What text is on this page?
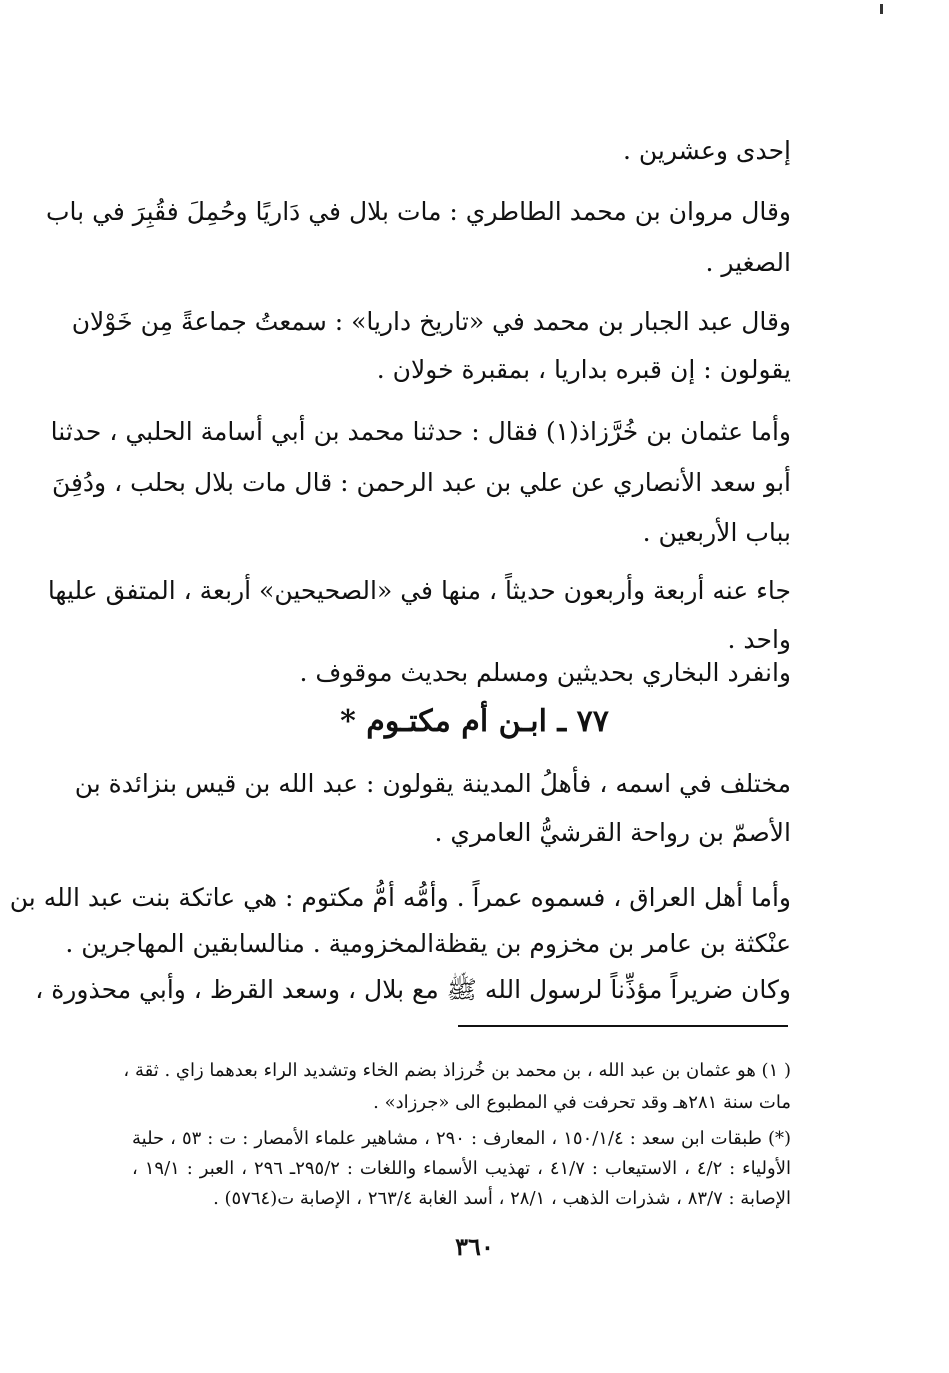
إحدى وعشرين .
وقال مروان بن محمد الطاطري : مات بلال في دَاريًا وحُمِلَ فقُبِرَ في باب
الصغير .
وقال عبد الجبار بن محمد في «تاريخ داريا» : سمعتُ جماعةً مِن خَوْلان
يقولون : إن قبره بداريا ، بمقبرة خولان .
وأما عثمان بن خُرَّزاذ(١) فقال : حدثنا محمد بن أبي أسامة الحلبي ، حدثنا
أبو سعد الأنصاري عن علي بن عبد الرحمن : قال مات بلال بحلب ، ودُفِنَ
بباب الأربعين .
جاء عنه أربعة وأربعون حديثاً ، منها في «الصحيحين» أربعة ، المتفق عليها
واحد .
وانفرد البخاري بحديثين ومسلم بحديث موقوف .
٧٧ ـ ابـن أم مكتـوم *
مختلف في اسمه ، فأهلُ المدينة يقولون : عبد الله بن قيس بنزائدة بن
الأصمّ بن رواحة القرشيُّ العامري .
وأما أهل العراق ، فسموه عمراً . وأمُّه أمُّ مكتوم : هي عاتكة بنت عبد الله بن
عنْكثة بن عامر بن مخزوم بن يقظةالمخزومية . منالسابقين المهاجرين .
وكان ضريراً مؤذِّناً لرسول الله ﷺ مع بلال ، وسعد القرظ ، وأبي محذورة ،
( ١) هو عثمان بن عبد الله ، بن محمد بن خُرزاذ بضم الخاء وتشديد الراء بعدهما زاي . ثقة ،
مات سنة ٢٨١هـ وقد تحرفت في المطبوع الى «جرزاد» .
(*) طبقات ابن سعد : ١٥٠/١/٤ ، المعارف : ٢٩٠ ، مشاهير علماء الأمصار : ت : ٥٣ ، حلية
الأولياء : ٤/٢ ، الاستيعاب : ٤١/٧ ، تهذيب الأسماء واللغات : ٢٩٥/٢ـ ٢٩٦ ، العبر : ١٩/١ ،
الإصابة : ٨٣/٧ ، شذرات الذهب ، ٢٨/١ ، أسد الغابة ٢٦٣/٤ ، الإصابة ت(٥٧٦٤) .
٣٦٠
